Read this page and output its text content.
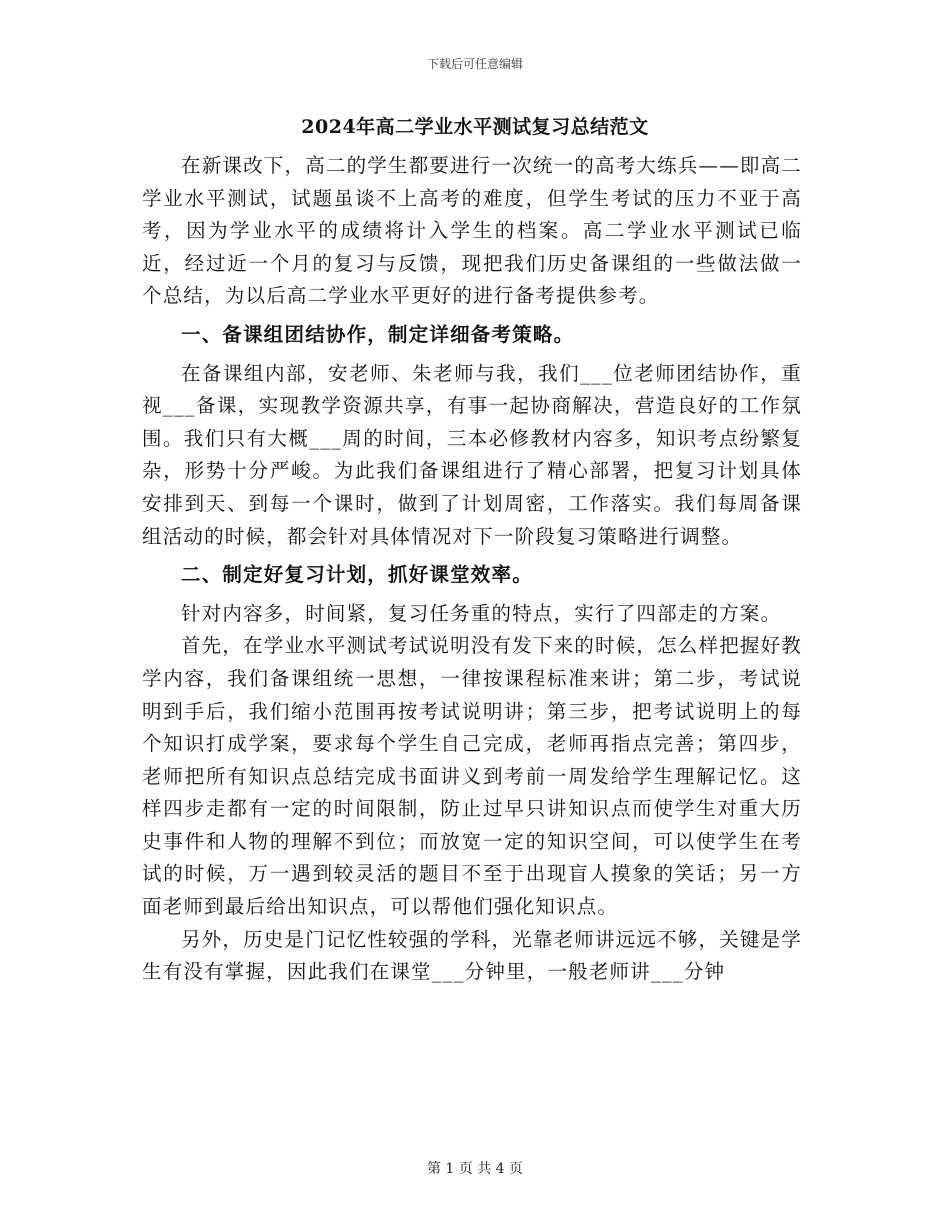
下载后可任意编辑
2024年高二学业水平测试复习总结范文

在新课改下，高二的学生都要进行一次统一的高考大练兵——即高二学业水平测试，试题虽谈不上高考的难度，但学生考试的压力不亚于高考，因为学业水平的成绩将计入学生的档案。高二学业水平测试已临近，经过近一个月的复习与反馈，现把我们历史备课组的一些做法做一个总结，为以后高二学业水平更好的进行备考提供参考。

一、备课组团结协作，制定详细备考策略。

在备课组内部，安老师、朱老师与我，我们___位老师团结协作，重视___备课，实现教学资源共享，有事一起协商解决，营造良好的工作氛围。我们只有大概___周的时间，三本必修教材内容多，知识考点纷繁复杂，形势十分严峻。为此我们备课组进行了精心部署，把复习计划具体安排到天、到每一个课时，做到了计划周密，工作落实。我们每周备课组活动的时候，都会针对具体情况对下一阶段复习策略进行调整。

二、制定好复习计划，抓好课堂效率。

针对内容多，时间紧，复习任务重的特点，实行了四部走的方案。

首先，在学业水平测试考试说明没有发下来的时候，怎么样把握好教学内容，我们备课组统一思想，一律按课程标准来讲；第二步，考试说明到手后，我们缩小范围再按考试说明讲；第三步，把考试说明上的每个知识打成学案，要求每个学生自己完成，老师再指点完善；第四步，老师把所有知识点总结完成书面讲义到考前一周发给学生理解记忆。这样四步走都有一定的时间限制，防止过早只讲知识点而使学生对重大历史事件和人物的理解不到位；而放宽一定的知识空间，可以使学生在考试的时候，万一遇到较灵活的题目不至于出现盲人摸象的笑话；另一方面老师到最后给出知识点，可以帮他们强化知识点。

另外，历史是门记忆性较强的学科，光靠老师讲远远不够，关键是学生有没有掌握，因此我们在课堂___分钟里，一般老师讲___分钟

第 1 页 共 4 页
